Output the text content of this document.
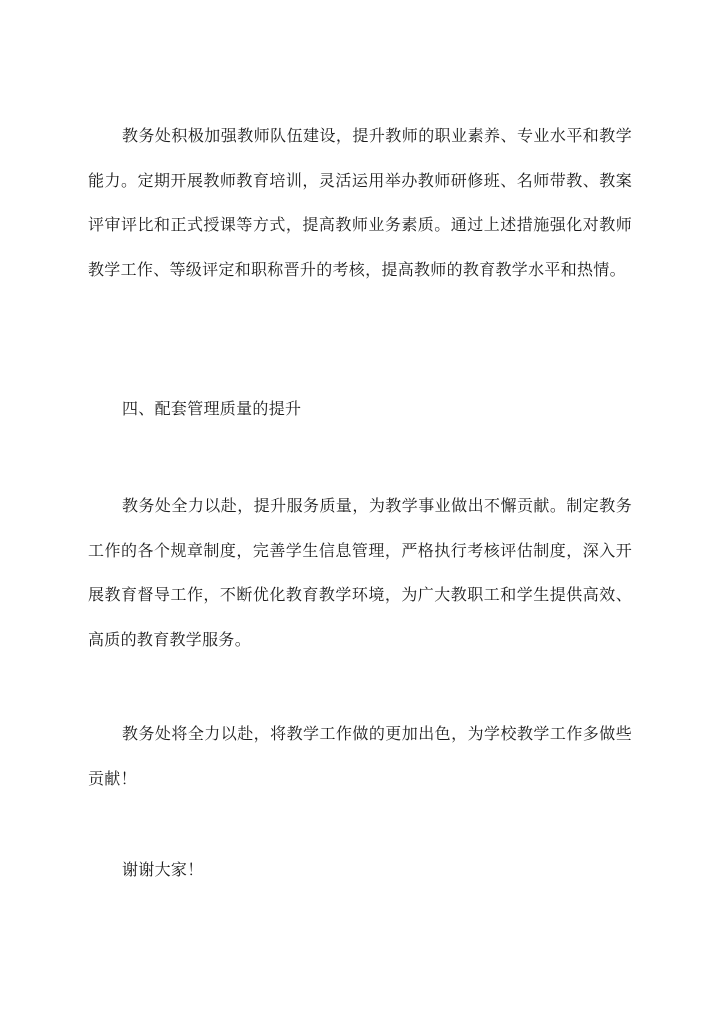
教务处积极加强教师队伍建设，提升教师的职业素养、专业水平和教学能力。定期开展教师教育培训，灵活运用举办教师研修班、名师带教、教案评审评比和正式授课等方式，提高教师业务素质。通过上述措施强化对教师教学工作、等级评定和职称晋升的考核，提高教师的教育教学水平和热情。

四、配套管理质量的提升

教务处全力以赴，提升服务质量，为教学事业做出不懈贡献。制定教务工作的各个规章制度，完善学生信息管理，严格执行考核评估制度，深入开展教育督导工作，不断优化教育教学环境，为广大教职工和学生提供高效、高质的教育教学服务。

教务处将全力以赴，将教学工作做的更加出色，为学校教学工作多做些贡献！

谢谢大家！
